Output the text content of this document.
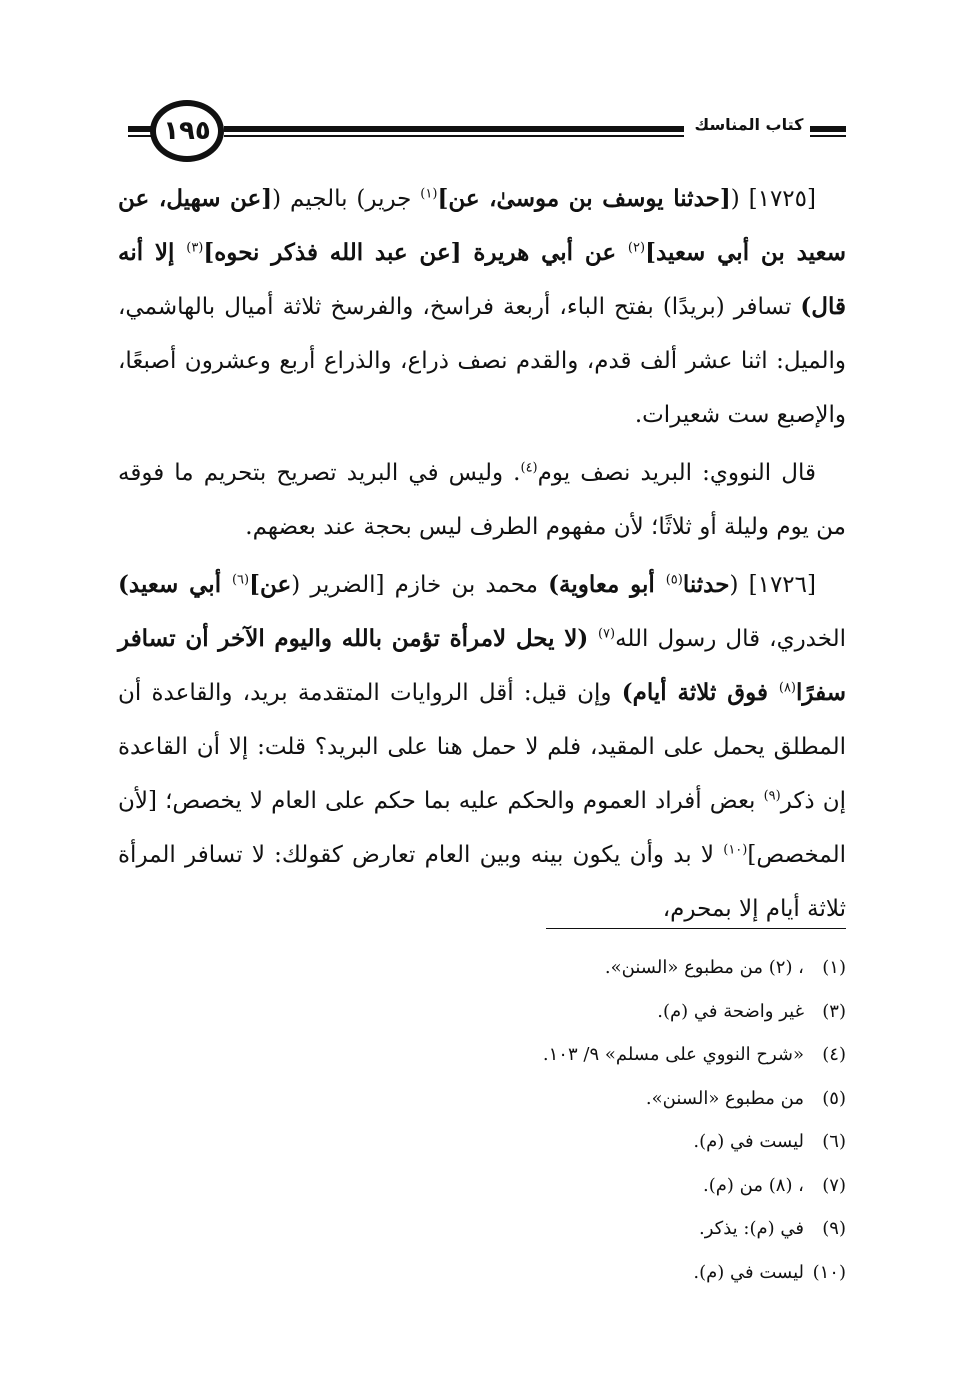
١٩٥	كتاب المناسك

[١٧٢٥] ([حدثنا يوسف بن موسىٰ، عن]$^{(١)}$ جرير) بالجيم ([عن سهيل، عن سعيد بن أبي سعيد]$^{(٢)}$ عن أبي هريرة [عن عبد الله فذكر نحوه]$^{(٣)}$ إلا أنه قال) تسافر (بريدًا) بفتح الباء، أربعة فراسخ، والفرسخ ثلاثة أميال بالهاشمي، والميل: اثنا عشر ألف قدم، والقدم نصف ذراع، والذراع أربع وعشرون أصبعًا، والإصبع ست شعيرات.

قال النووي: البريد نصف يوم$^{(٤)}$. وليس في البريد تصريح بتحريم ما فوقه من يوم وليلة أو ثلاثًا؛ لأن مفهوم الطرف ليس بحجة عند بعضهم.

[١٧٢٦] (حدثنا$^{(٥)}$ أبو معاوية) محمد بن خازم [الضرير (عن]$^{(٦)}$ أبي سعيد) الخدري، قال رسول الله$^{(٧)}$ (لا يحل لامرأة تؤمن بالله واليوم الآخر أن تسافر سفرًا$^{(٨)}$ فوق ثلاثة أيام) وإن قيل: أقل الروايات المتقدمة بريد، والقاعدة أن المطلق يحمل على المقيد، فلم لا حمل هنا على البريد؟ قلت: إلا أن القاعدة إن ذكر$^{(٩)}$ بعض أفراد العموم والحكم عليه بما حكم على العام لا يخصص؛ [لأن المخصص]$^{(١٠)}$ لا بد وأن يكون بينه وبين العام تعارض كقولك: لا تسافر المرأة ثلاثة أيام إلا بمحرم،

(١)، (٢) من مطبوع «السنن».
(٣)غير واضحة في (م).
(٤)«شرح النووي على مسلم» ٩/ ١٠٣.
(٥)من مطبوع «السنن».
(٦)ليست في (م).
(٧)، (٨) من (م).
(٩)في (م): يذكر.
(١٠)ليست في (م).
